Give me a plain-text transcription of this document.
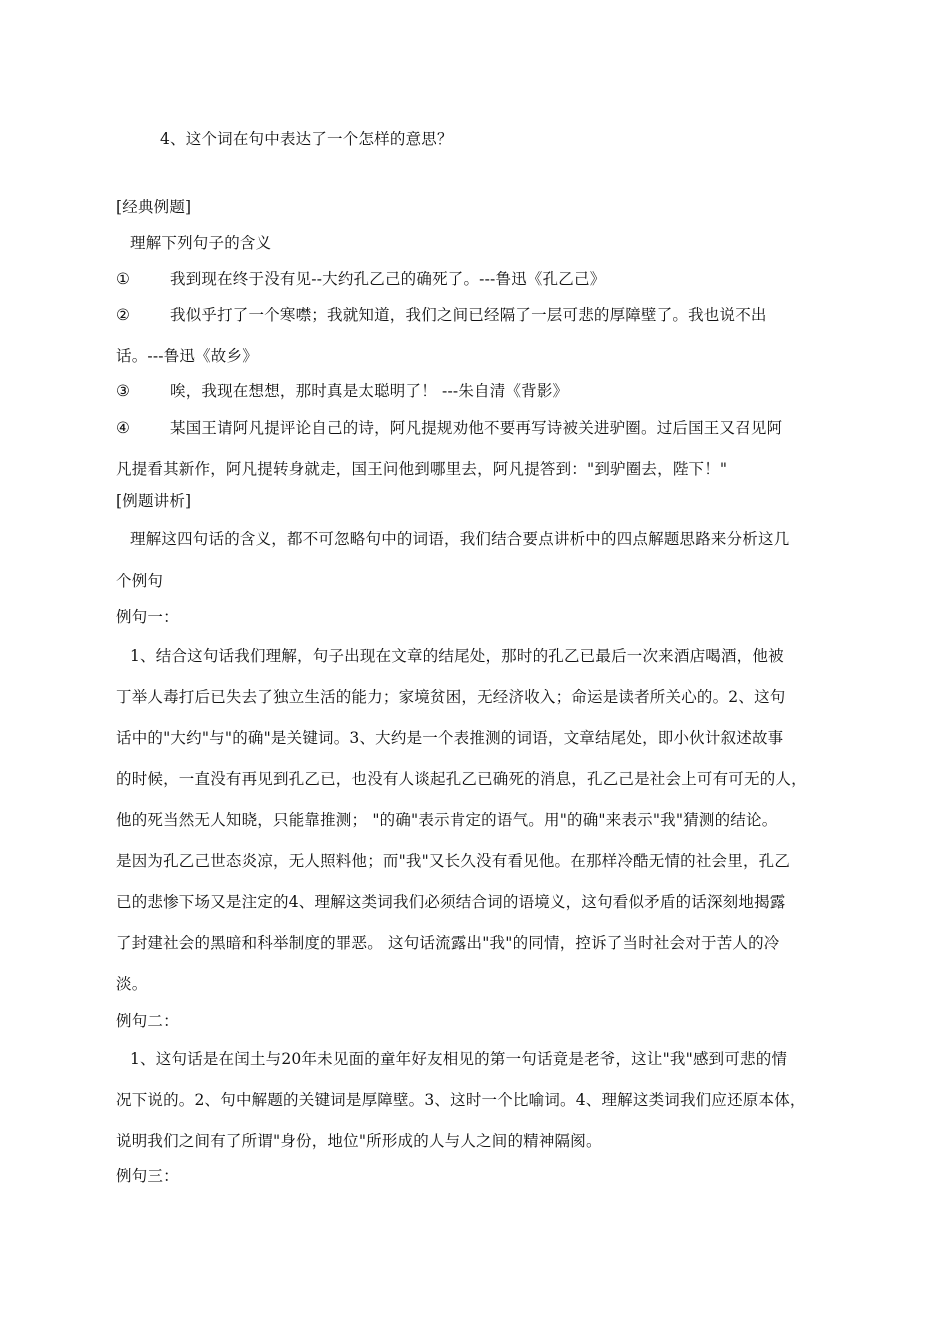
4、这个词在句中表达了一个怎样的意思？
[经典例题]
理解下列句子的含义
①	我到现在终于没有见--大约孔乙己的确死了。---鲁迅《孔乙己》
②	我似乎打了一个寒噤；我就知道，我们之间已经隔了一层可悲的厚障壁了。我也说不出
话。---鲁迅《故乡》
③	唉，我现在想想，那时真是太聪明了！ ---朱自清《背影》
④	某国王请阿凡提评论自己的诗，阿凡提规劝他不要再写诗被关进驴圈。过后国王又召见阿
凡提看其新作，阿凡提转身就走，国王问他到哪里去，阿凡提答到："到驴圈去，陛下！"
[例题讲析]
理解这四句话的含义，都不可忽略句中的词语，我们结合要点讲析中的四点解题思路来分析这几
个例句
例句一：
1、结合这句话我们理解，句子出现在文章的结尾处，那时的孔乙已最后一次来酒店喝酒，他被
丁举人毒打后已失去了独立生活的能力；家境贫困，无经济收入；命运是读者所关心的。2、这句
话中的"大约"与"的确"是关键词。3、大约是一个表推测的词语，文章结尾处，即小伙计叙述故事
的时候，一直没有再见到孔乙已，也没有人谈起孔乙已确死的消息，孔乙己是社会上可有可无的人，
他的死当然无人知晓，只能靠推测； "的确"表示肯定的语气。用"的确"来表示"我"猜测的结论。
是因为孔乙己世态炎凉，无人照料他；而"我"又长久没有看见他。在那样冷酷无情的社会里，孔乙
已的悲惨下场又是注定的4、理解这类词我们必须结合词的语境义，这句看似矛盾的话深刻地揭露
了封建社会的黑暗和科举制度的罪恶。 这句话流露出"我"的同情，控诉了当时社会对于苦人的冷
淡。
例句二：
1、这句话是在闰土与20年未见面的童年好友相见的第一句话竟是老爷，这让"我"感到可悲的情
况下说的。2、句中解题的关键词是厚障壁。3、这时一个比喻词。4、理解这类词我们应还原本体，
说明我们之间有了所谓"身份，地位"所形成的人与人之间的精神隔阂。
例句三：
